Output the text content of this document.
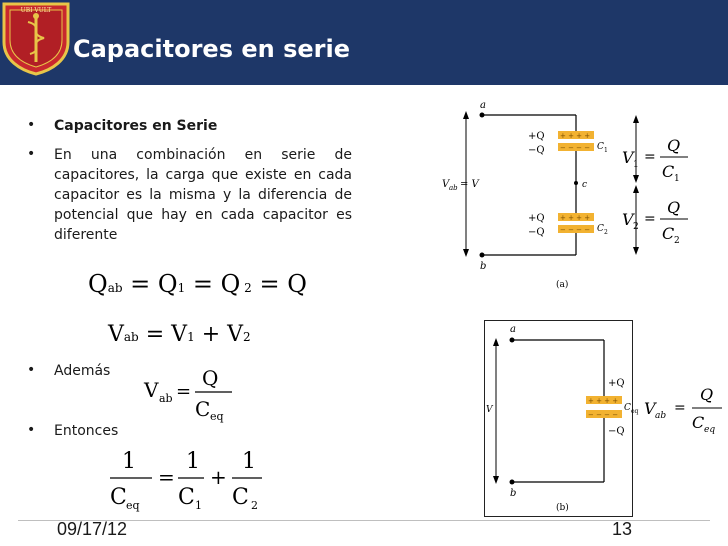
UBI VULT
Capacitores en serie
• Capacitores en Serie
• En una combinación en serie de capacitores, la carga que existe en cada capacitor es la misma y la diferencia de potencial que hay en cada capacitor es diferente
Qab = Q1 = Q 2 = Q
Vab = V1 + V2
• Además
V ab =
Q
C eq
• Entonces
1
C eq
=
1
C 1
+
1
C 2
V ab = V
a
b
c
+ + + +
− − − −
+Q
−Q	C 1
+ + + +
− − − −
+Q
−Q	C 2
V 1 =
Q
C 1
V 2 =
Q
C 2
(a)
V
a
b
+ + + +
− − − −
+Q
−Q
C eq
(b)
V ab =
Q
C eq
09/17/12	13
